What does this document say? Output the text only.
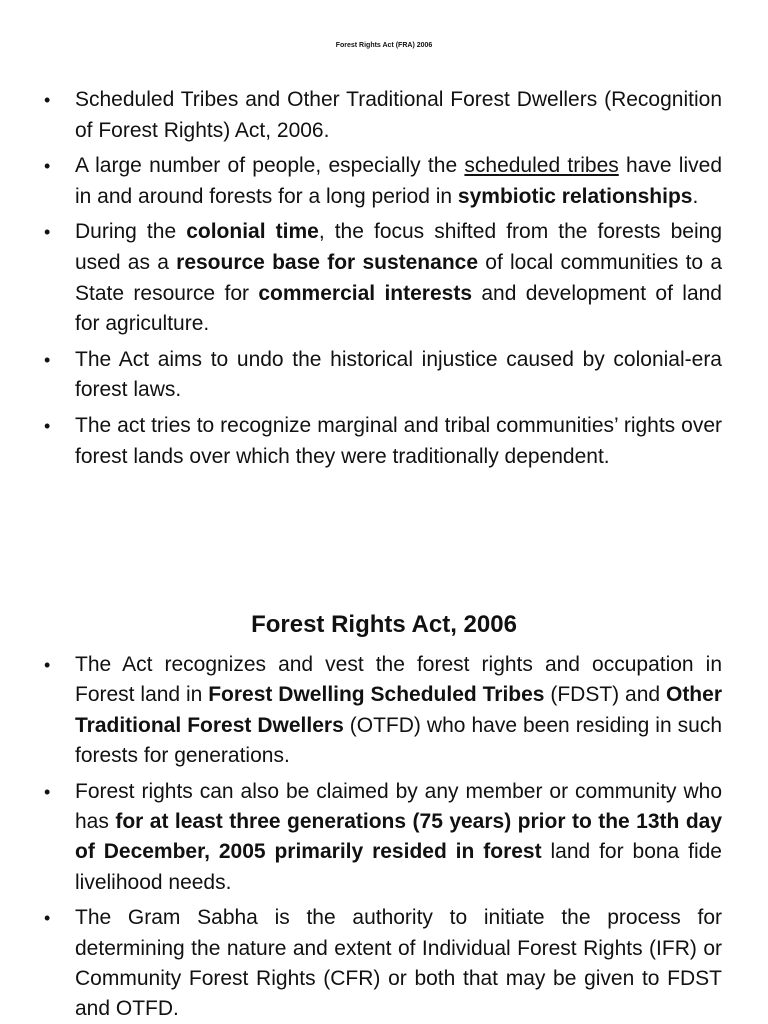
Forest Rights Act (FRA) 2006
• Scheduled Tribes and Other Traditional Forest Dwellers (Recognition of Forest Rights) Act, 2006.
• A large number of people, especially the scheduled tribes have lived in and around forests for a long period in symbiotic relationships.
• During the colonial time, the focus shifted from the forests being used as a resource base for sustenance of local communities to a State resource for commercial interests and development of land for agriculture.
• The Act aims to undo the historical injustice caused by colonial-era forest laws.
• The act tries to recognize marginal and tribal communities’ rights over forest lands over which they were traditionally dependent.
Forest Rights Act, 2006
• The Act recognizes and vest the forest rights and occupation in Forest land in Forest Dwelling Scheduled Tribes (FDST) and Other Traditional Forest Dwellers (OTFD) who have been residing in such forests for generations.
• Forest rights can also be claimed by any member or community who has for at least three generations (75 years) prior to the 13th day of December, 2005 primarily resided in forest land for bona fide livelihood needs.
• The Gram Sabha is the authority to initiate the process for determining the nature and extent of Individual Forest Rights (IFR) or Community Forest Rights (CFR) or both that may be given to FDST and OTFD.
